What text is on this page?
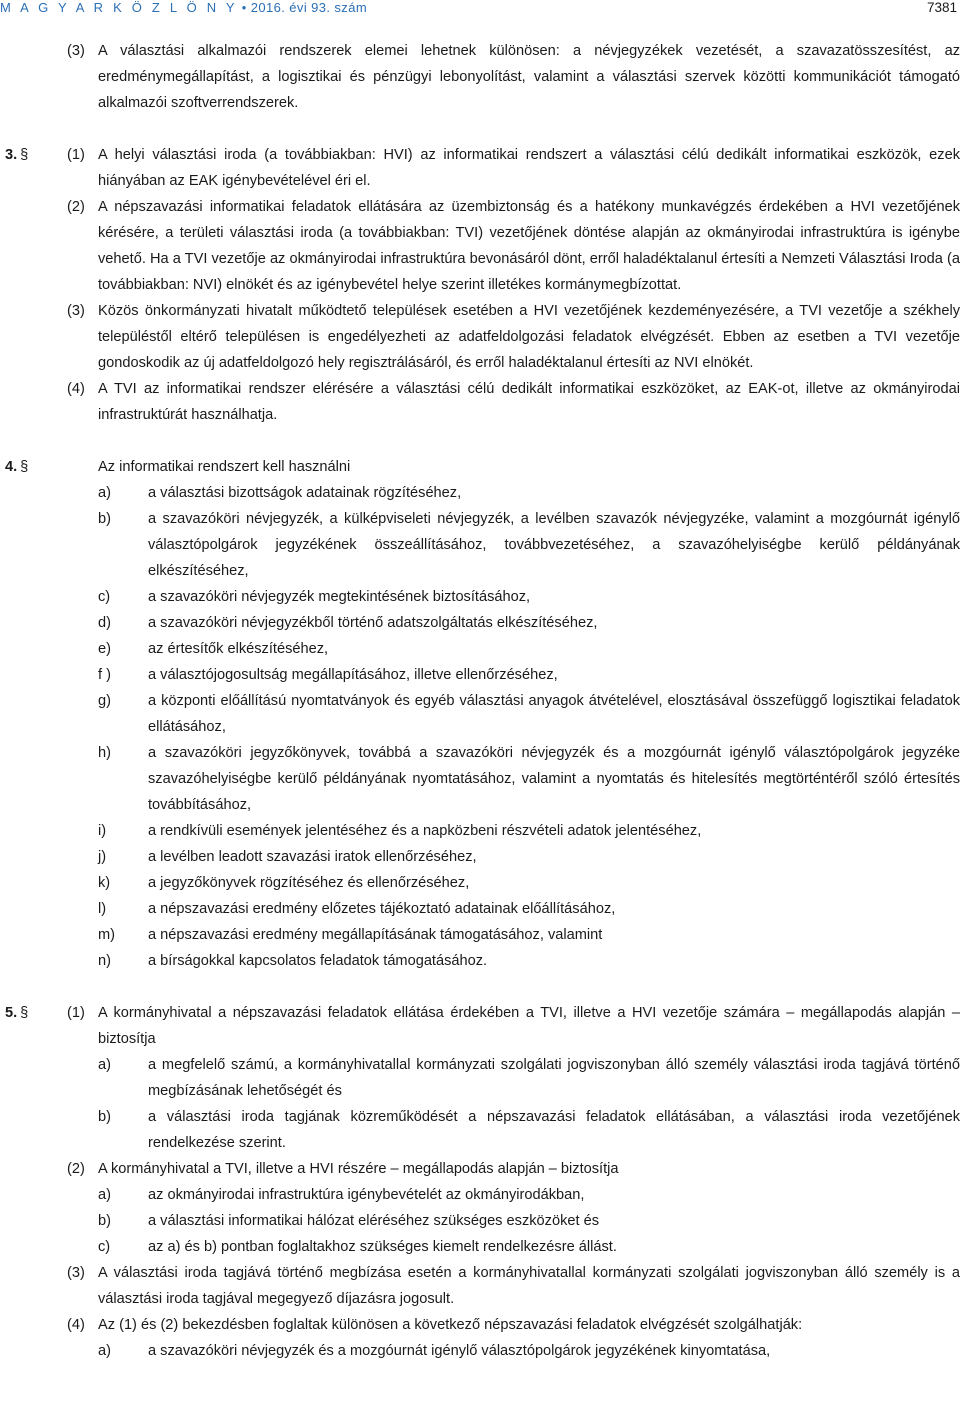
M A G Y A R K Ö Z L Ö N Y • 2016. évi 93. szám	7381
(3) A választási alkalmazói rendszerek elemei lehetnek különösen: a névjegyzékek vezetését, a szavazatösszesítést, az eredménymegállapítást, a logisztikai és pénzügyi lebonyolítást, valamint a választási szervek közötti kommunikációt támogató alkalmazói szoftverrendszerek.
3. §	(1) A helyi választási iroda (a továbbiakban: HVI) az informatikai rendszert a választási célú dedikált informatikai eszközök, ezek hiányában az EAK igénybevételével éri el.
(2) A népszavazási informatikai feladatok ellátására az üzembiztonság és a hatékony munkavégzés érdekében a HVI vezetőjének kérésére, a területi választási iroda (a továbbiakban: TVI) vezetőjének döntése alapján az okmányirodai infrastruktúra is igénybe vehető. Ha a TVI vezetője az okmányirodai infrastruktúra bevonásáról dönt, erről haladéktalanul értesíti a Nemzeti Választási Iroda (a továbbiakban: NVI) elnökét és az igénybevétel helye szerint illetékes kormánymegbízottat.
(3) Közös önkormányzati hivatalt működtető települések esetében a HVI vezetőjének kezdeményezésére, a TVI vezetője a székhely településtől eltérő településen is engedélyezheti az adatfeldolgozási feladatok elvégzését. Ebben az esetben a TVI vezetője gondoskodik az új adatfeldolgozó hely regisztrálásáról, és erről haladéktalanul értesíti az NVI elnökét.
(4) A TVI az informatikai rendszer elérésére a választási célú dedikált informatikai eszközöket, az EAK-ot, illetve az okmányirodai infrastruktúrát használhatja.
4. §	Az informatikai rendszert kell használni
a)	a választási bizottságok adatainak rögzítéséhez,
b)	a szavazóköri névjegyzék, a külképviseleti névjegyzék, a levélben szavazók névjegyzéke, valamint a mozgóurnát igénylő választópolgárok jegyzékének összeállításához, továbbvezetéséhez, a szavazóhelyiségbe kerülő példányának elkészítéséhez,
c)	a szavazóköri névjegyzék megtekintésének biztosításához,
d)	a szavazóköri névjegyzékből történő adatszolgáltatás elkészítéséhez,
e)	az értesítők elkészítéséhez,
f )	a választójogosultság megállapításához, illetve ellenőrzéséhez,
g)	a központi előállítású nyomtatványok és egyéb választási anyagok átvételével, elosztásával összefüggő logisztikai feladatok ellátásához,
h)	a szavazóköri jegyzőkönyvek, továbbá a szavazóköri névjegyzék és a mozgóurnát igénylő választópolgárok jegyzéke szavazóhelyiségbe kerülő példányának nyomtatásához, valamint a nyomtatás és hitelesítés megtörténtéről szóló értesítés továbbításához,
i)	a rendkívüli események jelentéséhez és a napközbeni részvételi adatok jelentéséhez,
j)	a levélben leadott szavazási iratok ellenőrzéséhez,
k)	a jegyzőkönyvek rögzítéséhez és ellenőrzéséhez,
l)	a népszavazási eredmény előzetes tájékoztató adatainak előállításához,
m) a népszavazási eredmény megállapításának támogatásához, valamint
n)	a bírságokkal kapcsolatos feladatok támogatásához.
5. §	(1) A kormányhivatal a népszavazási feladatok ellátása érdekében a TVI, illetve a HVI vezetője számára – megállapodás alapján – biztosítja
a)	a megfelelő számú, a kormányhivatallal kormányzati szolgálati jogviszonyban álló személy választási iroda tagjává történő megbízásának lehetőségét és
b)	a választási iroda tagjának közreműködését a népszavazási feladatok ellátásában, a választási iroda vezetőjének rendelkezése szerint.
(2) A kormányhivatal a TVI, illetve a HVI részére – megállapodás alapján – biztosítja
a)	az okmányirodai infrastruktúra igénybevételét az okmányirodákban,
b)	a választási informatikai hálózat eléréséhez szükséges eszközöket és
c)	az a) és b) pontban foglaltakhoz szükséges kiemelt rendelkezésre állást.
(3) A választási iroda tagjává történő megbízása esetén a kormányhivatallal kormányzati szolgálati jogviszonyban álló személy is a választási iroda tagjával megegyező díjazásra jogosult.
(4) Az (1) és (2) bekezdésben foglaltak különösen a következő népszavazási feladatok elvégzését szolgálhatják:
a)	a szavazóköri névjegyzék és a mozgóurnát igénylő választópolgárok jegyzékének kinyomtatása,
